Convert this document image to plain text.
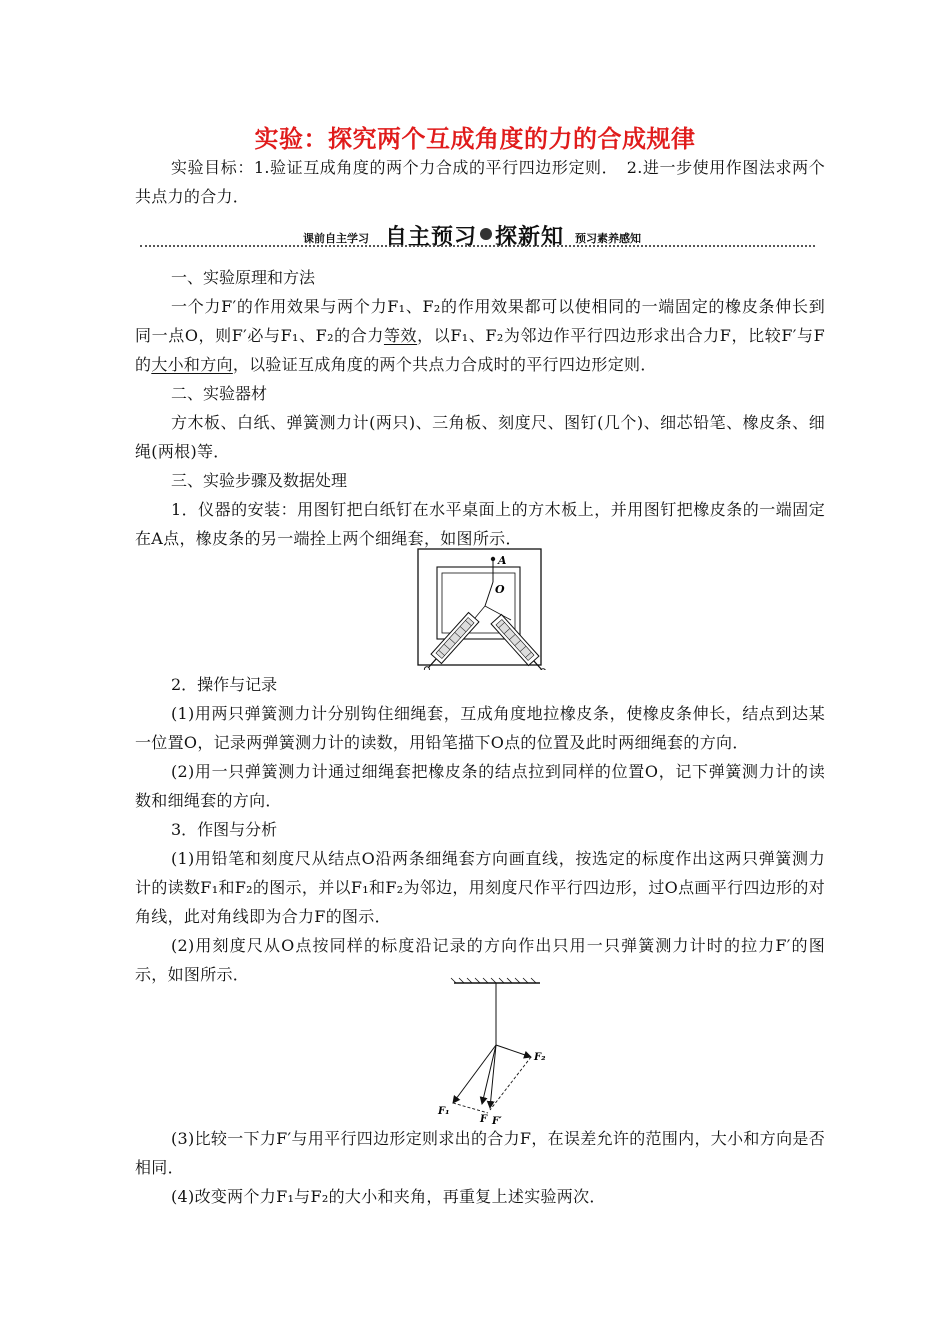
实验：探究两个互成角度的力的合成规律
实验目标：1.验证互成角度的两个力合成的平行四边形定则．　2.进一步使用作图法求两个共点力的合力．
课前自主学习 自主预习 探新知 预习素养感知
一、实验原理和方法
一个力F′的作用效果与两个力F₁、F₂的作用效果都可以使相同的一端固定的橡皮条伸长到同一点O，则F′必与F₁、F₂的合力等效，以F₁、F₂为邻边作平行四边形求出合力F，比较F′与F的大小和方向，以验证互成角度的两个共点力合成时的平行四边形定则．
二、实验器材
方木板、白纸、弹簧测力计(两只)、三角板、刻度尺、图钉(几个)、细芯铅笔、橡皮条、细绳(两根)等．
三、实验步骤及数据处理
1．仪器的安装：用图钉把白纸钉在水平桌面上的方木板上，并用图钉把橡皮条的一端固定在A点，橡皮条的另一端拴上两个细绳套，如图所示．
A
O
2．操作与记录
(1)用两只弹簧测力计分别钩住细绳套，互成角度地拉橡皮条，使橡皮条伸长，结点到达某一位置O，记录两弹簧测力计的读数，用铅笔描下O点的位置及此时两细绳套的方向．
(2)用一只弹簧测力计通过细绳套把橡皮条的结点拉到同样的位置O，记下弹簧测力计的读数和细绳套的方向．
3．作图与分析
(1)用铅笔和刻度尺从结点O沿两条细绳套方向画直线，按选定的标度作出这两只弹簧测力计的读数F₁和F₂的图示，并以F₁和F₂为邻边，用刻度尺作平行四边形，过O点画平行四边形的对角线，此对角线即为合力F的图示．
(2)用刻度尺从O点按同样的标度沿记录的方向作出只用一只弹簧测力计时的拉力F′的图示，如图所示．
F₁
F₂
F F′
(3)比较一下力F′与用平行四边形定则求出的合力F，在误差允许的范围内，大小和方向是否相同．
(4)改变两个力F₁与F₂的大小和夹角，再重复上述实验两次．
